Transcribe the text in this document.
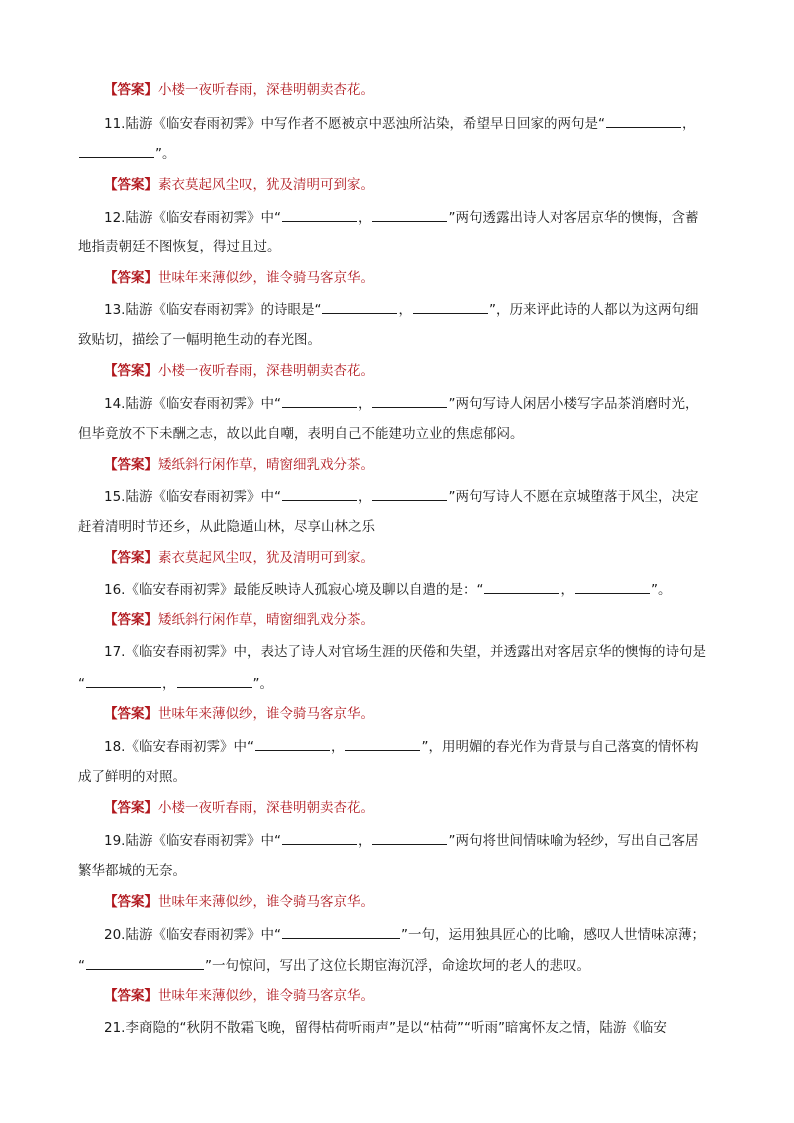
【答案】小楼一夜听春雨，深巷明朝卖杏花。
11.陆游《临安春雨初霁》中写作者不愿被京中恶浊所沾染，希望早日回家的两句是“	，
”。
【答案】素衣莫起风尘叹，犹及清明可到家。
12.陆游《临安春雨初霁》中“	，	”两句透露出诗人对客居京华的懊悔，含蓄
地指责朝廷不图恢复，得过且过。
【答案】世味年来薄似纱，谁令骑马客京华。
13.陆游《临安春雨初霁》的诗眼是“	，	”，历来评此诗的人都以为这两句细
致贴切，描绘了一幅明艳生动的春光图。
【答案】小楼一夜听春雨，深巷明朝卖杏花。
14.陆游《临安春雨初霁》中“	，	”两句写诗人闲居小楼写字品茶消磨时光，
但毕竟放不下未酬之志，故以此自嘲，表明自己不能建功立业的焦虑郁闷。
【答案】矮纸斜行闲作草，晴窗细乳戏分茶。
15.陆游《临安春雨初霁》中“	，	”两句写诗人不愿在京城堕落于风尘，决定
赶着清明时节还乡，从此隐遁山林，尽享山林之乐
【答案】素衣莫起风尘叹，犹及清明可到家。
16.《临安春雨初霁》最能反映诗人孤寂心境及聊以自遣的是：“	，	”。
【答案】矮纸斜行闲作草，晴窗细乳戏分茶。
17.《临安春雨初霁》中，表达了诗人对官场生涯的厌倦和失望，并透露出对客居京华的懊悔的诗句是
“	，	”。
【答案】世味年来薄似纱，谁令骑马客京华。
18.《临安春雨初霁》中“	，	”，用明媚的春光作为背景与自己落寞的情怀构
成了鲜明的对照。
【答案】小楼一夜听春雨，深巷明朝卖杏花。
19.陆游《临安春雨初霁》中“	，	”两句将世间情味喻为轻纱，写出自己客居
繁华都城的无奈。
【答案】世味年来薄似纱，谁令骑马客京华。
20.陆游《临安春雨初霁》中“	”一句，运用独具匠心的比喻，感叹人世情味凉薄；
“	”一句惊问，写出了这位长期宦海沉浮，命途坎坷的老人的悲叹。
【答案】世味年来薄似纱，谁令骑马客京华。
21.李商隐的“秋阴不散霜飞晚，留得枯荷听雨声”是以“枯荷”“听雨”暗寓怀友之情，陆游《临安
